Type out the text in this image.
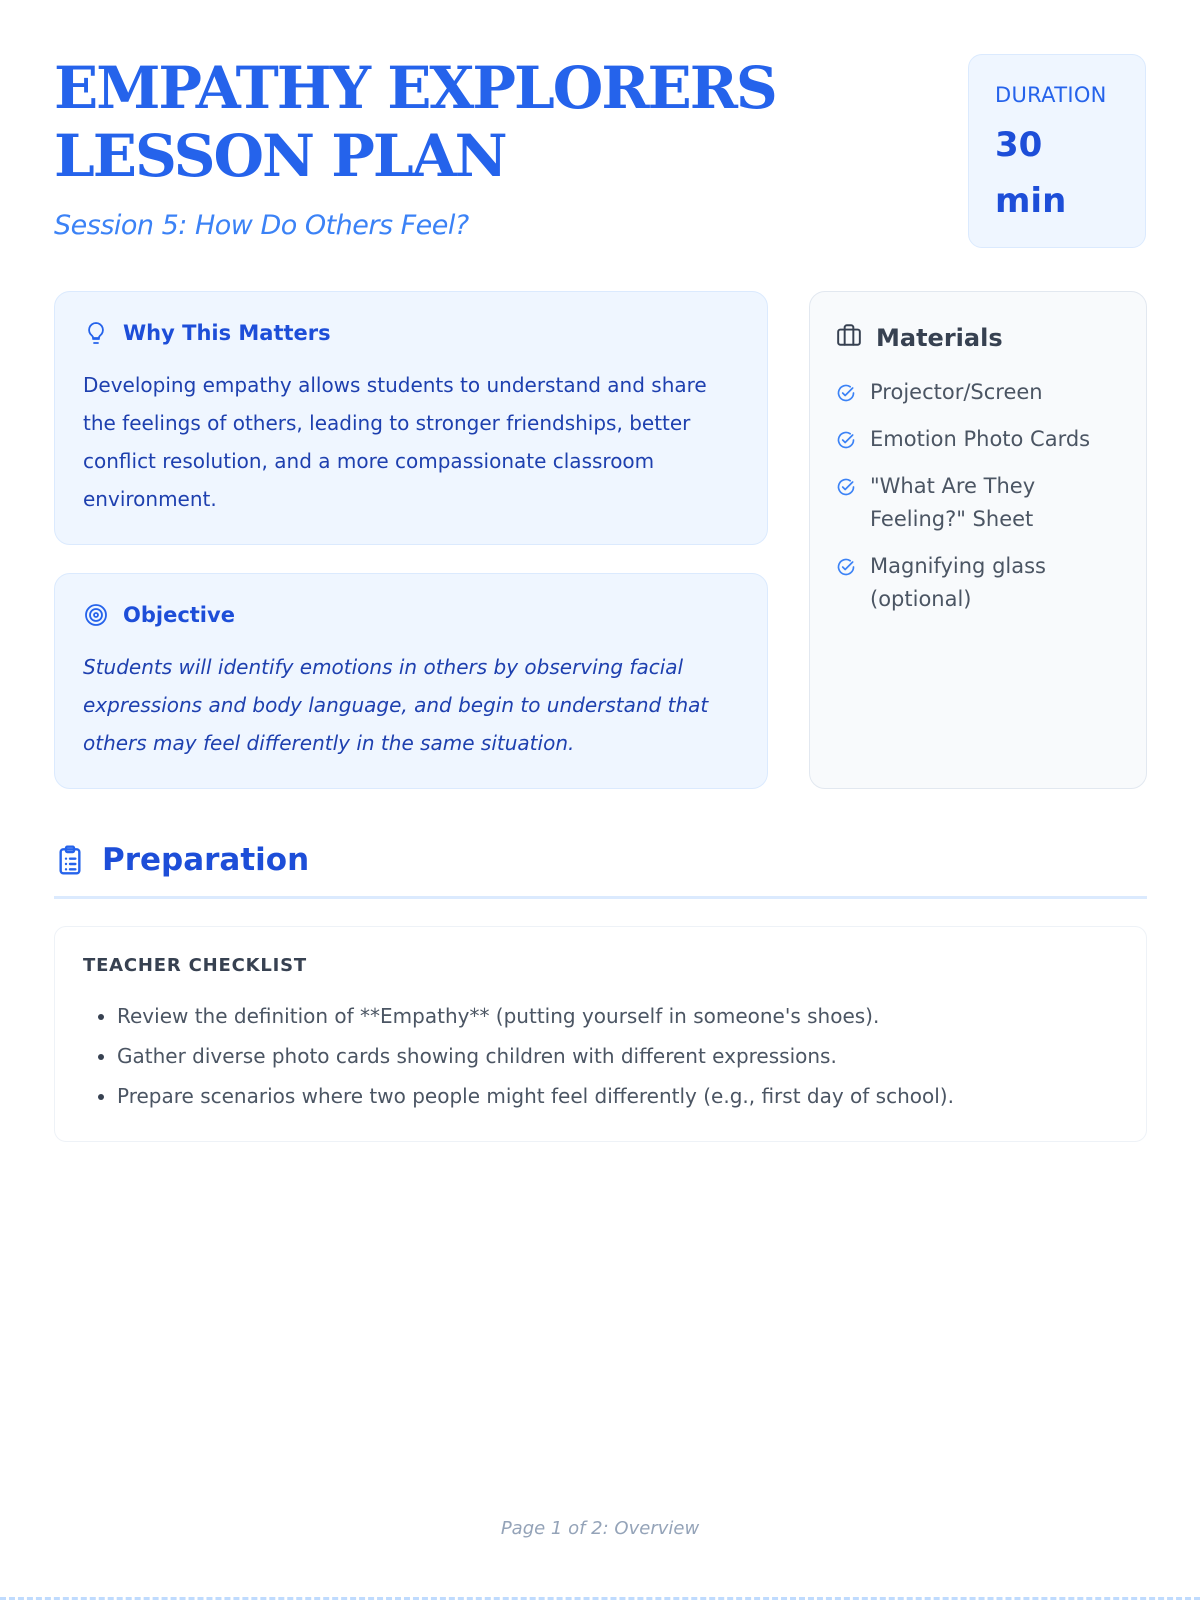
EMPATHY EXPLORERS LESSON PLAN
Session 5: How Do Others Feel?
DURATION
30 min
Why This Matters
Developing empathy allows students to understand and share the feelings of others, leading to stronger friendships, better conflict resolution, and a more compassionate classroom environment.
Objective
Students will identify emotions in others by observing facial expressions and body language, and begin to understand that others may feel differently in the same situation.
Materials
Projector/Screen
Emotion Photo Cards
"What Are They Feeling?" Sheet
Magnifying glass (optional)
Preparation
TEACHER CHECKLIST
• Review the definition of **Empathy** (putting yourself in someone's shoes).
• Gather diverse photo cards showing children with different expressions.
• Prepare scenarios where two people might feel differently (e.g., first day of school).
Page 1 of 2: Overview
